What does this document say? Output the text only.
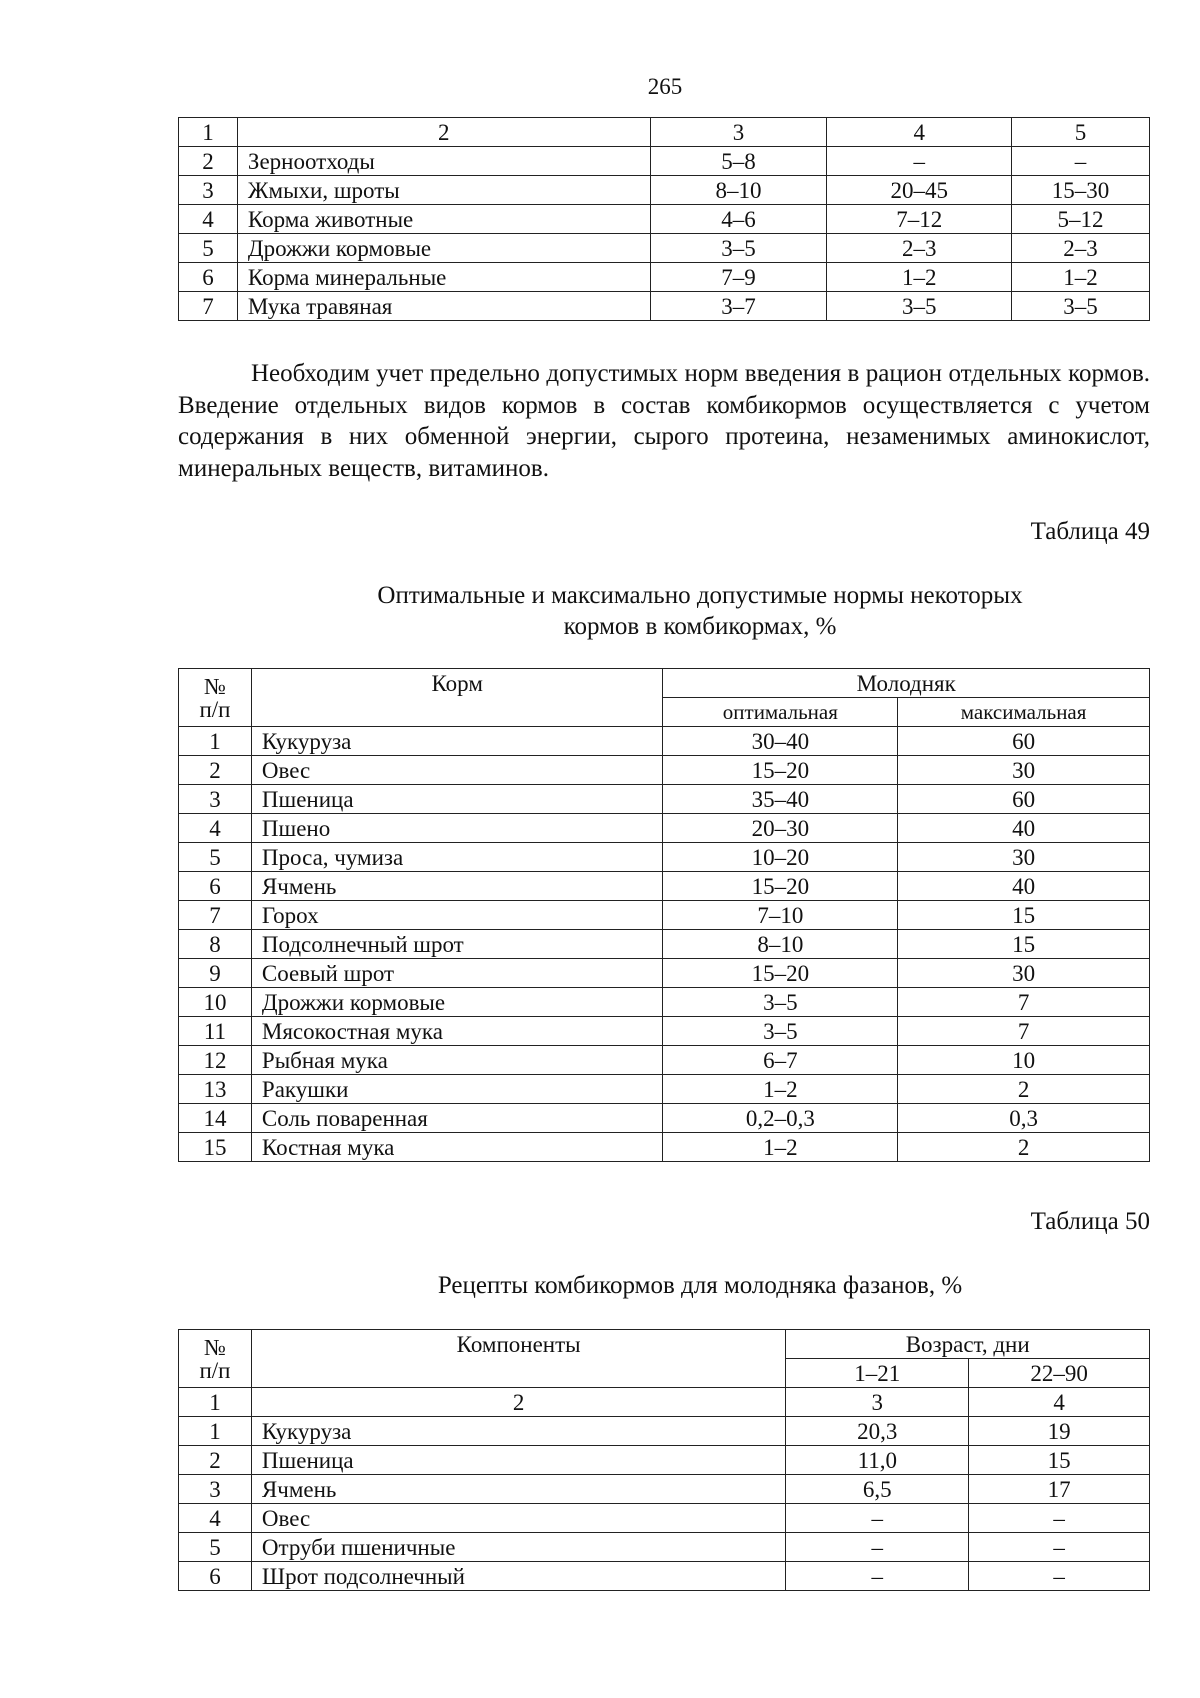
265
1	2	3	4	5
2	Зерноотходы	5–8	–	–
3	Жмыхи, шроты	8–10	20–45	15–30
4	Корма животные	4–6	7–12	5–12
5	Дрожжи кормовые	3–5	2–3	2–3
6	Корма минеральные	7–9	1–2	1–2
7	Мука травяная	3–7	3–5	3–5

Необходим учет предельно допустимых норм введения в рацион отдельных кормов. Введение отдельных видов кормов в состав комбикормов осуществляется с учетом содержания в них обменной энергии, сырого протеина, незаменимых аминокислот, минеральных веществ, витаминов.

Таблица 49
Оптимальные и максимально допустимые нормы некоторых
кормов в комбикормах, %
№
п/п	Корм	Молодняк	
		оптимальная	максимальная
1	Кукуруза	30–40	60
2	Овес	15–20	30
3	Пшеница	35–40	60
4	Пшено	20–30	40
5	Проса, чумиза	10–20	30
6	Ячмень	15–20	40
7	Горох	7–10	15
8	Подсолнечный шрот	8–10	15
9	Соевый шрот	15–20	30
10	Дрожжи кормовые	3–5	7
11	Мясокостная мука	3–5	7
12	Рыбная мука	6–7	10
13	Ракушки	1–2	2
14	Соль поваренная	0,2–0,3	0,3
15	Костная мука	1–2	2
Таблица 50
Рецепты комбикормов для молодняка фазанов, %
№
п/п	Компоненты	Возраст, дни	
		1–21	22–90
1	2	3	4
1	Кукуруза	20,3	19
2	Пшеница	11,0	15
3	Ячмень	6,5	17
4	Овес	–	–
5	Отруби пшеничные	–	–
6	Шрот подсолнечный	–	–
